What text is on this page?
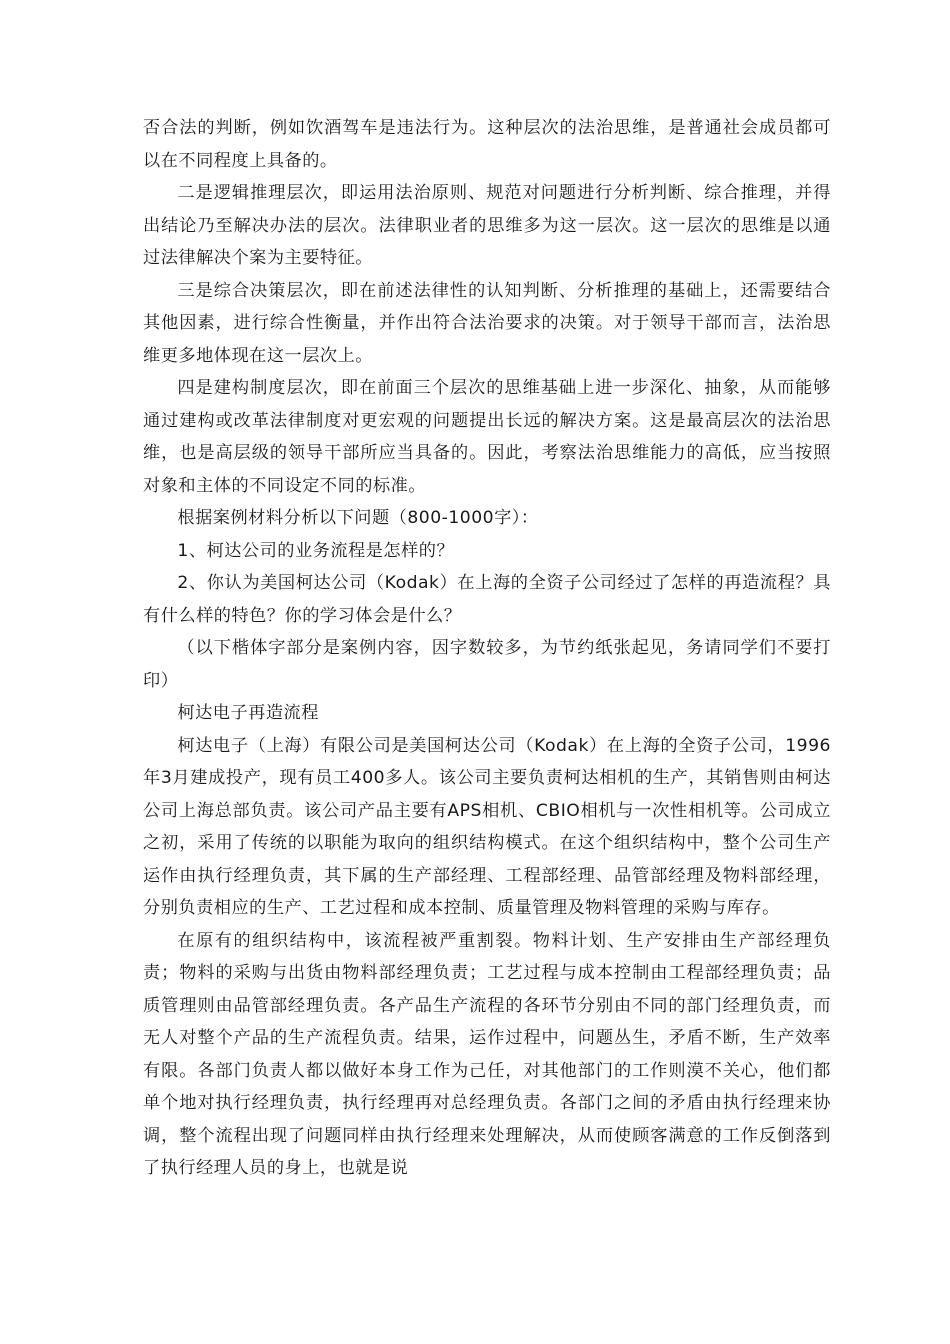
否合法的判断，例如饮酒驾车是违法行为。这种层次的法治思维，是普通社会成员都可以在不同程度上具备的。

二是逻辑推理层次，即运用法治原则、规范对问题进行分析判断、综合推理，并得出结论乃至解决办法的层次。法律职业者的思维多为这一层次。这一层次的思维是以通过法律解决个案为主要特征。

三是综合决策层次，即在前述法律性的认知判断、分析推理的基础上，还需要结合其他因素，进行综合性衡量，并作出符合法治要求的决策。对于领导干部而言，法治思维更多地体现在这一层次上。

四是建构制度层次，即在前面三个层次的思维基础上进一步深化、抽象，从而能够通过建构或改革法律制度对更宏观的问题提出长远的解决方案。这是最高层次的法治思维，也是高层级的领导干部所应当具备的。因此，考察法治思维能力的高低，应当按照对象和主体的不同设定不同的标准。

根据案例材料分析以下问题（800-1000字）：

1、柯达公司的业务流程是怎样的？

2、你认为美国柯达公司（Kodak）在上海的全资子公司经过了怎样的再造流程？具有什么样的特色？你的学习体会是什么？

（以下楷体字部分是案例内容，因字数较多，为节约纸张起见，务请同学们不要打印）

柯达电子再造流程

柯达电子（上海）有限公司是美国柯达公司（Kodak）在上海的全资子公司，1996年3月建成投产，现有员工400多人。该公司主要负责柯达相机的生产，其销售则由柯达公司上海总部负责。该公司产品主要有APS相机、CBIO相机与一次性相机等。公司成立之初，采用了传统的以职能为取向的组织结构模式。在这个组织结构中，整个公司生产运作由执行经理负责，其下属的生产部经理、工程部经理、品管部经理及物料部经理，分别负责相应的生产、工艺过程和成本控制、质量管理及物料管理的采购与库存。

在原有的组织结构中，该流程被严重割裂。物料计划、生产安排由生产部经理负责；物料的采购与出货由物料部经理负责；工艺过程与成本控制由工程部经理负责；品质管理则由品管部经理负责。各产品生产流程的各环节分别由不同的部门经理负责，而无人对整个产品的生产流程负责。结果，运作过程中，问题丛生，矛盾不断，生产效率有限。各部门负责人都以做好本身工作为己任，对其他部门的工作则漠不关心，他们都单个地对执行经理负责，执行经理再对总经理负责。各部门之间的矛盾由执行经理来协调，整个流程出现了问题同样由执行经理来处理解决，从而使顾客满意的工作反倒落到了执行经理人员的身上，也就是说
